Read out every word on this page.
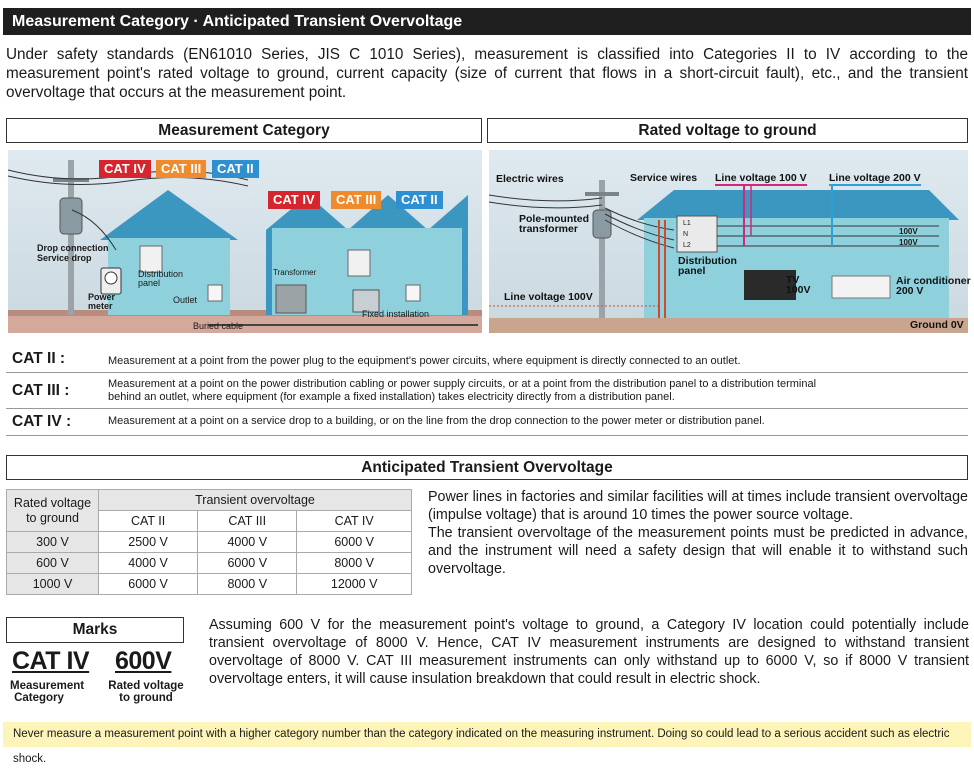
Measurement Category · Anticipated Transient Overvoltage
Under safety standards (EN61010 Series, JIS C 1010 Series), measurement is classified into Categories II to IV according to the measurement point's rated voltage to ground, current capacity (size of current that flows in a short-circuit fault), etc., and the transient overvoltage that occurs at the measurement point.
Measurement Category	Rated voltage to ground
CAT IV	CAT III	CAT II
CAT IV	CAT III	CAT II
Drop connection
Service drop
Power
meter
Distribution
panel
Outlet
Transformer
Fixed installation
Buried cable
Electric wires	Service wires Line voltage 100 V Line voltage 200 V
Pole-mounted
transformer	L1
N
L2
100V
100V
Distribution
panel
TV
100V
Air conditioner
200 V
Line voltage 100V
Ground 0V
CAT II :	Measurement at a point from the power plug to the equipment's power circuits, where equipment is directly connected to an outlet.
CAT III :	Measurement at a point on the power distribution cabling or power supply circuits, or at a point from the distribution panel to a distribution terminal behind an outlet, where equipment (for example a fixed installation) takes electricity directly from a distribution panel.
CAT IV :	Measurement at a point on a service drop to a building, or on the line from the drop connection to the power meter or distribution panel.
Anticipated Transient Overvoltage
Rated voltage to ground	Transient overvoltage		
	CAT II	CAT III	CAT IV
300 V	2500 V	4000 V	6000 V
600 V	4000 V	6000 V	8000 V
1000 V	6000 V	8000 V	12000 V
Power lines in factories and similar facilities will at times include transient overvoltage (impulse voltage) that is around 10 times the power source voltage.
The transient overvoltage of the measurement points must be predicted in advance, and the instrument will need a safety design that will enable it to withstand such overvoltage.
Marks
CAT IV 600V
Measurement Category
Rated voltage to ground
Assuming 600 V for the measurement point's voltage to ground, a Category IV location could potentially include transient overvoltage of 8000 V. Hence, CAT IV measurement instruments are designed to withstand transient overvoltage of 8000 V. CAT III measurement instruments can only withstand up to 6000 V, so if 8000 V transient overvoltage enters, it will cause insulation breakdown that could result in electric shock.
Never measure a measurement point with a higher category number than the category indicated on the measuring instrument. Doing so could lead to a serious accident such as electric shock.
